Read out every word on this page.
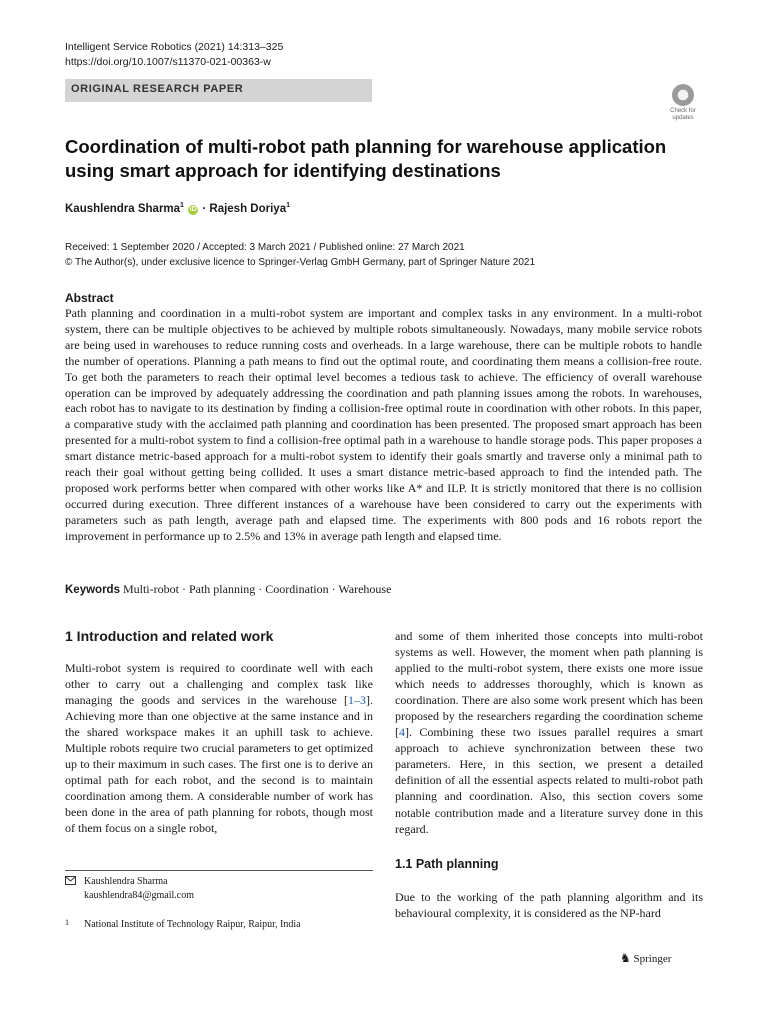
Intelligent Service Robotics (2021) 14:313–325
https://doi.org/10.1007/s11370-021-00363-w
ORIGINAL RESEARCH PAPER
Check for
updates
Coordination of multi-robot path planning for warehouse application using smart approach for identifying destinations
Kaushlendra Sharma$^1$ iD · Rajesh Doriya$^1$
Received: 1 September 2020 / Accepted: 3 March 2021 / Published online: 27 March 2021
© The Author(s), under exclusive licence to Springer-Verlag GmbH Germany, part of Springer Nature 2021
Abstract
Path planning and coordination in a multi-robot system are important and complex tasks in any environment. In a multi-robot system, there can be multiple objectives to be achieved by multiple robots simultaneously. Nowadays, many mobile service robots are being used in warehouses to reduce running costs and overheads. In a large warehouse, there can be multiple robots to handle the number of operations. Planning a path means to find out the optimal route, and coordinating them means a collision-free route. To get both the parameters to reach their optimal level becomes a tedious task to achieve. The efficiency of overall warehouse operation can be improved by adequately addressing the coordination and path planning issues among the robots. In warehouses, each robot has to navigate to its destination by finding a collision-free optimal route in coordination with other robots. In this paper, a comparative study with the acclaimed path planning and coordination has been presented. The proposed smart approach has been presented for a multi-robot system to find a collision-free optimal path in a warehouse to handle storage pods. This paper proposes a smart distance metric-based approach for a multi-robot system to identify their goals smartly and traverse only a minimal path to reach their goal without getting being collided. It uses a smart distance metric-based approach to find the intended path. The proposed work performs better when compared with other works like A* and ILP. It is strictly monitored that there is no collision occurred during execution. Three different instances of a warehouse have been considered to carry out the experiments with parameters such as path length, average path and elapsed time. The experiments with 800 pods and 16 robots report the improvement in performance up to 2.5% and 13% in average path length and elapsed time.
Keywords Multi-robot · Path planning · Coordination · Warehouse
1 Introduction and related work
Multi-robot system is required to coordinate well with each other to carry out a challenging and complex task like managing the goods and services in the warehouse [1–3]. Achieving more than one objective at the same instance and in the shared workspace makes it an uphill task to achieve. Multiple robots require two crucial parameters to get optimized up to their maximum in such cases. The first one is to derive an optimal path for each robot, and the second is to maintain coordination among them. A considerable number of work has been done in the area of path planning for robots, though most of them focus on a single robot,
and some of them inherited those concepts into multi-robot systems as well. However, the moment when path planning is applied to the multi-robot system, there exists one more issue which needs to addresses thoroughly, which is known as coordination. There are also some work present which has been proposed by the researchers regarding the coordination scheme [4]. Combining these two issues parallel requires a smart approach to achieve synchronization between these two parameters. Here, in this section, we present a detailed definition of all the essential aspects related to multi-robot path planning and coordination. Also, this section covers some notable contribution made and a literature survey done in this regard.
1.1 Path planning
Due to the working of the path planning algorithm and its behavioural complexity, it is considered as the NP-hard
Kaushlendra Sharma
kaushlendra84@gmail.com
1 National Institute of Technology Raipur, Raipur, India
♞ Springer
